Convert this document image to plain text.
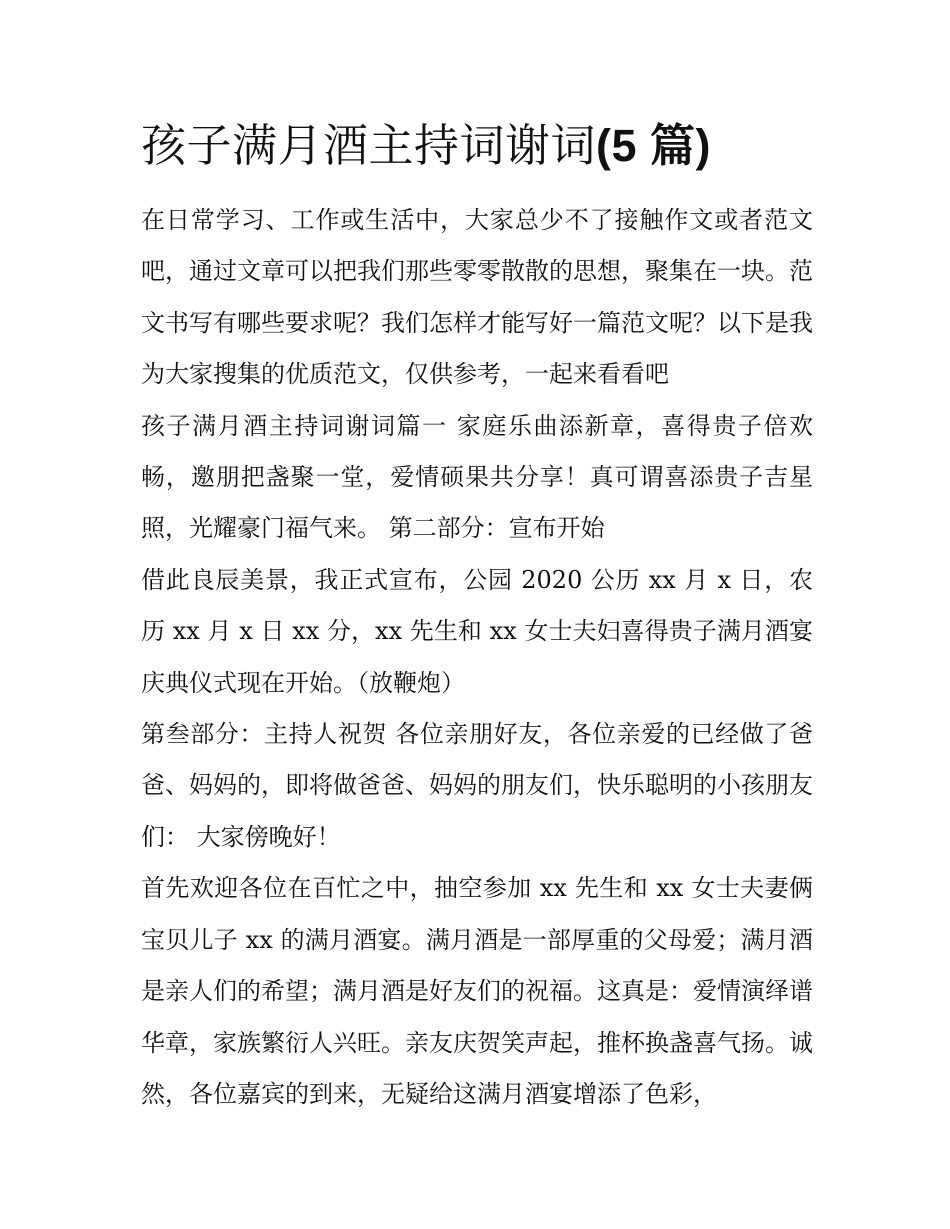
孩子满月酒主持词谢词(5 篇)

在日常学习、工作或生活中，大家总少不了接触作文或者范文吧，通过文章可以把我们那些零零散散的思想，聚集在一块。范文书写有哪些要求呢？我们怎样才能写好一篇范文呢？以下是我为大家搜集的优质范文，仅供参考，一起来看看吧

孩子满月酒主持词谢词篇一 家庭乐曲添新章，喜得贵子倍欢畅，邀朋把盏聚一堂，爱情硕果共分享！真可谓喜添贵子吉星照，光耀豪门福气来。 第二部分：宣布开始

借此良辰美景，我正式宣布，公园 2020 公历 xx 月 x 日，农历 xx 月 x 日 xx 分，xx 先生和 xx 女士夫妇喜得贵子满月酒宴庆典仪式现在开始。（放鞭炮）

第叁部分：主持人祝贺 各位亲朋好友，各位亲爱的已经做了爸爸、妈妈的，即将做爸爸、妈妈的朋友们，快乐聪明的小孩朋友们： 大家傍晚好！

首先欢迎各位在百忙之中，抽空参加 xx 先生和 xx 女士夫妻俩宝贝儿子 xx 的满月酒宴。满月酒是一部厚重的父母爱；满月酒是亲人们的希望；满月酒是好友们的祝福。这真是：爱情演绎谱华章，家族繁衍人兴旺。亲友庆贺笑声起，推杯换盏喜气扬。诚然，各位嘉宾的到来，无疑给这满月酒宴增添了色彩，
